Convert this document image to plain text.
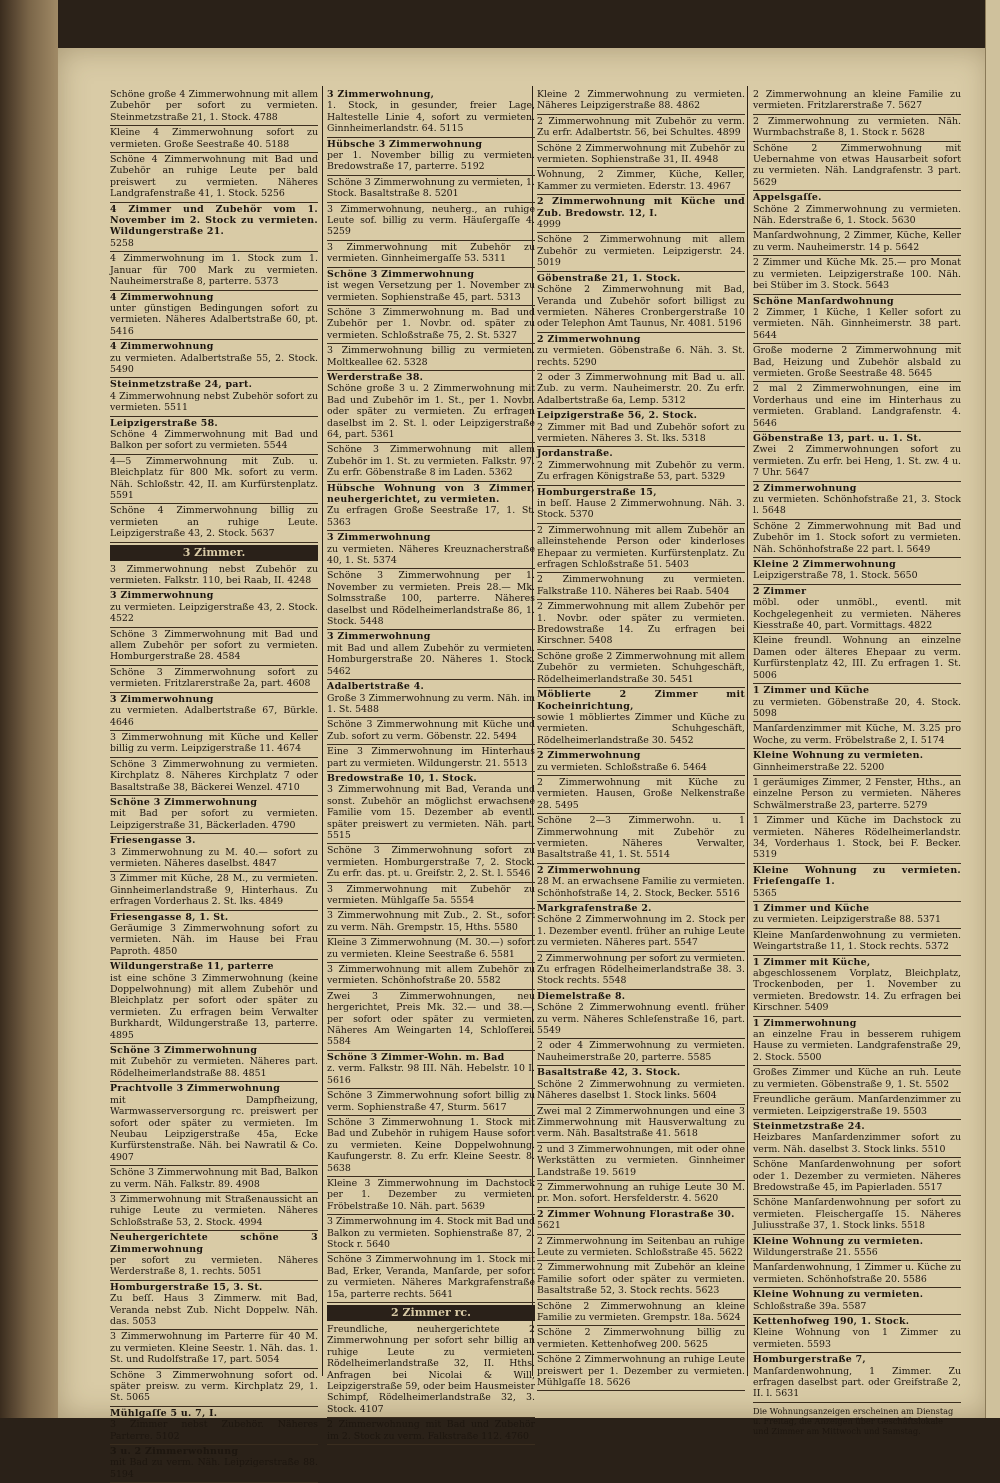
Schöne große 4 Zimmerwohnung mit allem Zubehör per sofort zu vermieten. Steinmetzstraße 21, 1. Stock. 4788
Kleine 4 Zimmerwohnung sofort zu vermieten. Große Seestraße 40. 5188
Schöne 4 Zimmerwohnung mit Bad und Zubehör an ruhige Leute per bald preiswert zu vermieten. Näheres Landgrafenstraße 41, 1. Stock. 5256
4 Zimmer und Zubehör vom 1. November im 2. Stock zu vermieten. Wildungerstraße 21.
5258
4 Zimmerwohnung im 1. Stock zum 1. Januar für 700 Mark zu vermieten. Nauheimerstraße 8, parterre. 5373
4 Zimmerwohnung
unter günstigen Bedingungen sofort zu vermieten. Näheres Adalbertstraße 60, pt. 5416
4 Zimmerwohnung
zu vermieten. Adalbertstraße 55, 2. Stock. 5490
Steinmetzstraße 24, part.
4 Zimmerwohnung nebst Zubehör sofort zu vermieten. 5511
Leipzigerstraße 58.
Schöne 4 Zimmerwohnung mit Bad und Balkon per sofort zu vermieten. 5544
4—5 Zimmerwohnung mit Zub. u. Bleichplatz für 800 Mk. sofort zu verm. Näh. Schloßstr. 42, II. am Kurfürstenplatz. 5591
Schöne 4 Zimmerwohnung billig zu vermieten an ruhige Leute. Leipzigerstraße 43, 2. Stock. 5637
3 Zimmer.
3 Zimmerwohnung nebst Zubehör zu vermieten. Falkstr. 110, bei Raab, II. 4248
3 Zimmerwohnung
zu vermieten. Leipzigerstraße 43, 2. Stock. 4522
Schöne 3 Zimmerwohnung mit Bad und allem Zubehör per sofort zu vermieten. Homburgerstraße 28. 4584
Schöne 3 Zimmerwohnung sofort zu vermieten. Fritzlarerstraße 2a, part. 4608
3 Zimmerwohnung
zu vermieten. Adalbertstraße 67, Bürkle. 4646
3 Zimmerwohnung mit Küche und Keller billig zu verm. Leipzigerstraße 11. 4674
Schöne 3 Zimmerwohnung zu vermieten. Kirchplatz 8. Näheres Kirchplatz 7 oder Basaltstraße 38, Bäckerei Wenzel. 4710
Schöne 3 Zimmerwohnung
mit Bad per sofort zu vermieten. Leipzigerstraße 31, Bäckerladen. 4790
Friesengasse 3.
3 Zimmerwohnung zu M. 40.— sofort zu vermieten. Näheres daselbst. 4847
3 Zimmer mit Küche, 28 M., zu vermieten. Ginnheimerlandstraße 9, Hinterhaus. Zu erfragen Vorderhaus 2. St. lks. 4849
Friesengasse 8, 1. St.
Geräumige 3 Zimmerwohnung sofort zu vermieten. Näh. im Hause bei Frau Paproth. 4850
Wildungerstraße 11, parterre
ist eine schöne 3 Zimmerwohnung (keine Doppelwohnung) mit allem Zubehör und Bleichplatz per sofort oder später zu vermieten. Zu erfragen beim Verwalter Burkhardt, Wildungerstraße 13, parterre. 4895
Schöne 3 Zimmerwohnung
mit Zubehör zu vermieten. Näheres part. Rödelheimerlandstraße 88. 4851
Prachtvolle 3 Zimmerwohnung
mit Dampfheizung, Warmwasserversorgung rc. preiswert per sofort oder später zu vermieten. Im Neubau Leipzigerstraße 45a, Ecke Kurfürstenstraße. Näh. bei Nawratil & Co. 4907
Schöne 3 Zimmerwohnung mit Bad, Balkon zu verm. Näh. Falkstr. 89. 4908
3 Zimmerwohnung mit Straßenaussicht an ruhige Leute zu vermieten. Näheres Schloßstraße 53, 2. Stock. 4994
Neuhergerichtete schöne 3 Zimmerwohnung
per sofort zu vermieten. Näheres Werderstraße 8, 1. rechts. 5051
Homburgerstraße 15, 3. St.
Zu beſſ. Haus 3 Zimmerw. mit Bad, Veranda nebst Zub. Nicht Doppelw. Näh. das. 5053
3 Zimmerwohnung im Parterre für 40 M. zu vermieten. Kleine Seestr. 1. Näh. das. 1. St. und Rudolfstraße 17, part. 5054
Schöne 3 Zimmerwohnung sofort od. später preisw. zu verm. Kirchplatz 29, 1. St. 5065
Mühlgaſſe 5 u. 7, I.
3 Zimmer nebst Zubehör. Näheres Parterre. 5102
3 u. 2 Zimmerwohnung
mit Bad zu verm. Näh. Leipzigerstraße 88. 5194
3 Zimmerwohnung,
1. Stock, in gesunder, freier Lage, Haltestelle Linie 4, sofort zu vermieten. Ginnheimerlandstr. 64. 5115
Hübsche 3 Zimmerwohnung
per 1. November billig zu vermieten. Bredowstraße 17, parterre. 5192
Schöne 3 Zimmerwohnung zu vermieten, 1. Stock. Basaltstraße 8. 5201
3 Zimmerwohnung, neuherg., an ruhige Leute sof. billig zu verm. Häuſergaſſe 4. 5259
3 Zimmerwohnung mit Zubehör zu vermieten. Ginnheimergaſſe 53. 5311
Schöne 3 Zimmerwohnung
ist wegen Versetzung per 1. November zu vermieten. Sophienstraße 45, part. 5313
Schöne 3 Zimmerwohnung m. Bad und Zubehör per 1. Novbr. od. später zu vermieten. Schloßstraße 75, 2. St. 5327
3 Zimmerwohnung billig zu vermieten. Moltkeallee 62. 5328
Werderstraße 38.
Schöne große 3 u. 2 Zimmerwohnung mit Bad und Zubehör im 1. St., per 1. Novbr. oder später zu vermieten. Zu erfragen daselbst im 2. St. l. oder Leipzigerstraße 64, part. 5361
Schöne 3 Zimmerwohnung mit allem Zubehör im 1. St. zu vermieten. Falkstr. 97. Zu erfr. Göbenstraße 8 im Laden. 5362
Hübsche Wohnung von 3 Zimmer, neuhergerichtet, zu vermieten.
Zu erfragen Große Seestraße 17, 1. St. 5363
3 Zimmerwohnung
zu vermieten. Näheres Kreuznacherstraße 40, 1. St. 5374
Schöne 3 Zimmerwohnung per 1. November zu vermieten. Preis 28.— Mk. Solmsstraße 100, parterre. Näheres daselbst und Rödelheimerlandstraße 86, 1. Stock. 5448
3 Zimmerwohnung
mit Bad und allem Zubehör zu vermieten. Homburgerstraße 20. Näheres 1. Stock. 5462
Adalbertstraße 4.
Große 3 Zimmerwohnung zu verm. Näh. im 1. St. 5488
Schöne 3 Zimmerwohnung mit Küche und Zub. sofort zu verm. Göbenstr. 22. 5494
Eine 3 Zimmerwohnung im Hinterhaus part zu vermieten. Wildungerstr. 21. 5513
Bredowstraße 10, 1. Stock.
3 Zimmerwohnung mit Bad, Veranda und sonst. Zubehör an möglichst erwachsene Familie vom 15. Dezember ab eventl. später preiswert zu vermieten. Näh. part. 5515
Schöne 3 Zimmerwohnung sofort zu vermieten. Homburgerstraße 7, 2. Stock. Zu erfr. das. pt. u. Greifstr. 2, 2. St. l. 5546
3 Zimmerwohnung mit Zubehör zu vermieten. Mühlgaſſe 5a. 5554
3 Zimmerwohnung mit Zub., 2. St., sofort zu verm. Näh. Grempstr. 15, Hths. 5580
Kleine 3 Zimmerwohnung (M. 30.—) sofort zu vermieten. Kleine Seestraße 6. 5581
3 Zimmerwohnung mit allem Zubehör zu vermieten. Schönhofstraße 20. 5582
Zwei 3 Zimmerwohnungen, neu hergerichtet, Preis Mk. 32.— und 38.—, per sofort oder später zu vermieten. Näheres Am Weingarten 14, Schloſſerei. 5584
Schöne 3 Zimmer-Wohn. m. Bad
z. verm. Falkstr. 98 III. Näh. Hebelstr. 10 I. 5616
Schöne 3 Zimmerwohnung sofort billig zu verm. Sophienstraße 47, Sturm. 5617
Schöne 3 Zimmerwohnung 1. Stock mit Bad und Zubehör in ruhigem Hause sofort zu vermieten. Keine Doppelwohnung. Kaufungerstr. 8. Zu erfr. Kleine Seestr. 8. 5638
Kleine 3 Zimmerwohnung im Dachstock per 1. Dezember zu vermieten. Fröbelstraße 10. Näh. part. 5639
3 Zimmerwohnung im 4. Stock mit Bad und Balkon zu vermieten. Sophienstraße 87, 2. Stock r. 5640
Schöne 3 Zimmerwohnung im 1. Stock mit Bad, Erker, Veranda, Manſarde, per sofort zu vermieten. Näheres Markgrafenstraße 15a, parterre rechts. 5641
2 Zimmer rc.
Freundliche, neuhergerichtete 2 Zimmerwohnung per sofort sehr billig an ruhige Leute zu vermieten. Rödelheimerlandstraße 32, II. Hths. Anfragen bei Nicolai & Will, Leipzigerstraße 59, oder beim Hausmeister Schimpf, Rödelheimerlandstraße 32, 3. Stock. 4107
2 Zimmerwohnung mit Bad und Zubehör im 2. Stock zu verm. Falkstraße 112. 4760
Kleine 2 Zimmerwohnung zu vermieten. Näheres Leipzigerstraße 88. 4862
2 Zimmerwohnung mit Zubehör zu verm. Zu erfr. Adalbertstr. 56, bei Schultes. 4899
Schöne 2 Zimmerwohnung mit Zubehör zu vermieten. Sophienstraße 31, II. 4948
Wohnung, 2 Zimmer, Küche, Keller, Kammer zu vermieten. Ederstr. 13. 4967
2 Zimmerwohnung mit Küche und Zub. Bredowstr. 12, I.
4999
Schöne 2 Zimmerwohnung mit allem Zubehör zu vermieten. Leipzigerstr. 24. 5019
Göbenstraße 21, 1. Stock.
Schöne 2 Zimmerwohnung mit Bad, Veranda und Zubehör sofort billigst zu vermieten. Näheres Cronbergerstraße 10 oder Telephon Amt Taunus, Nr. 4081. 5196
2 Zimmerwohnung
zu vermieten. Göbenstraße 6. Näh. 3. St. rechts. 5290
2 oder 3 Zimmerwohnung mit Bad u. all. Zub. zu verm. Nauheimerstr. 20. Zu erfr. Adalbertstraße 6a, Lemp. 5312
Leipzigerstraße 56, 2. Stock.
2 Zimmer mit Bad und Zubehör sofort zu vermieten. Näheres 3. St. lks. 5318
Jordanstraße.
2 Zimmerwohnung mit Zubehör zu verm. Zu erfragen Königstraße 53, part. 5329
Homburgerstraße 15,
in beſſ. Hause 2 Zimmerwohnung. Näh. 3. Stock. 5370
2 Zimmerwohnung mit allem Zubehör an alleinstehende Person oder kinderloses Ehepaar zu vermieten. Kurfürstenplatz. Zu erfragen Schloßstraße 51. 5403
2 Zimmerwohnung zu vermieten. Falkstraße 110. Näheres bei Raab. 5404
2 Zimmerwohnung mit allem Zubehör per 1. Novbr. oder später zu vermieten. Bredowstraße 14. Zu erfragen bei Kirschner. 5408
Schöne große 2 Zimmerwohnung mit allem Zubehör zu vermieten. Schuhgeschäft, Rödelheimerlandstraße 30. 5451
Möblierte 2 Zimmer mit Kocheinrichtung,
sowie 1 möbliertes Zimmer und Küche zu vermieten. Schuhgeschäft, Rödelheimerlandstraße 30. 5452
2 Zimmerwohnung
zu vermieten. Schloßstraße 6. 5464
2 Zimmerwohnung mit Küche zu vermieten. Hausen, Große Nelkenstraße 28. 5495
Schöne 2—3 Zimmerwohn. u. 1 Zimmerwohnung mit Zubehör zu vermieten. Näheres Verwalter, Basaltstraße 41, 1. St. 5514
2 Zimmerwohnung
28 M. an erwachsene Familie zu vermieten. Schönhofstraße 14, 2. Stock, Becker. 5516
Markgrafenstraße 2.
Schöne 2 Zimmerwohnung im 2. Stock per 1. Dezember eventl. früher an ruhige Leute zu vermieten. Näheres part. 5547
2 Zimmerwohnung per sofort zu vermieten. Zu erfragen Rödelheimerlandstraße 38. 3. Stock rechts. 5548
Diemelstraße 8.
Schöne 2 Zimmerwohnung eventl. früher zu verm. Näheres Schleſenstraße 16, part. 5549
2 oder 4 Zimmerwohnung zu vermieten. Nauheimerstraße 20, parterre. 5585
Basaltstraße 42, 3. Stock.
Schöne 2 Zimmerwohnung zu vermieten. Näheres daselbst 1. Stock links. 5604
Zwei mal 2 Zimmerwohnungen und eine 3 Zimmerwohnung mit Hausverwaltung zu verm. Näh. Basaltstraße 41. 5618
2 und 3 Zimmerwohnungen, mit oder ohne Werkstätten zu vermieten. Ginnheimer Landstraße 19. 5619
2 Zimmerwohnung an ruhige Leute 30 M. pr. Mon. sofort. Hersfelderstr. 4. 5620
2 Zimmer Wohnung Florastraße 30.
5621
2 Zimmerwohnung im Seitenbau an ruhige Leute zu vermieten. Schloßstraße 45. 5622
2 Zimmerwohnung mit Zubehör an kleine Familie sofort oder später zu vermieten. Basaltstraße 52, 3. Stock rechts. 5623
Schöne 2 Zimmerwohnung an kleine Familie zu vermieten. Grempstr. 18a. 5624
Schöne 2 Zimmerwohnung billig zu vermieten. Kettenhofweg 200. 5625
Schöne 2 Zimmerwohnung an ruhige Leute preiswert per 1. Dezember zu vermieten. Mühlgaſſe 18. 5626
2 Zimmerwohnung an kleine Familie zu vermieten. Fritzlarerstraße 7. 5627
2 Zimmerwohnung zu vermieten. Näh. Wurmbachstraße 8, 1. Stock r. 5628
Schöne 2 Zimmerwohnung mit Uebernahme von etwas Hausarbeit sofort zu vermieten. Näh. Landgrafenstr. 3 part. 5629
Appelsgaſſe.
Schöne 2 Zimmerwohnung zu vermieten. Näh. Ederstraße 6, 1. Stock. 5630
Manſardwohnung, 2 Zimmer, Küche, Keller zu verm. Nauheimerstr. 14 p. 5642
2 Zimmer und Küche Mk. 25.— pro Monat zu vermieten. Leipzigerstraße 100. Näh. bei Stüber im 3. Stock. 5643
Schöne Manſardwohnung
2 Zimmer, 1 Küche, 1 Keller sofort zu vermieten. Näh. Ginnheimerstr. 38 part. 5644
Große moderne 2 Zimmerwohnung mit Bad, Heizung und Zubehör alsbald zu vermieten. Große Seestraße 48. 5645
2 mal 2 Zimmerwohnungen, eine im Vorderhaus und eine im Hinterhaus zu vermieten. Grabland. Landgrafenstr. 4. 5646
Göbenstraße 13, part. u. 1. St.
Zwei 2 Zimmerwohnungen sofort zu vermieten. Zu erfr. bei Heng, 1. St. zw. 4 u. 7 Uhr. 5647
2 Zimmerwohnung
zu vermieten. Schönhofstraße 21, 3. Stock l. 5648
Schöne 2 Zimmerwohnung mit Bad und Zubehör im 1. Stock sofort zu vermieten. Näh. Schönhofstraße 22 part. l. 5649
Kleine 2 Zimmerwohnung
Leipzigerstraße 78, 1. Stock. 5650
2 Zimmer
möbl. oder unmöbl., eventl. mit Kochgelegenheit zu vermieten. Näheres Kiesstraße 40, part. Vormittags. 4822
Kleine freundl. Wohnung an einzelne Damen oder älteres Ehepaar zu verm. Kurfürstenplatz 42, III. Zu erfragen 1. St. 5006
1 Zimmer und Küche
zu vermieten. Göbenstraße 20, 4. Stock. 5098
Manſardenzimmer mit Küche, M. 3.25 pro Woche, zu verm. Fröbelstraße 2, I. 5174
Kleine Wohnung zu vermieten.
Ginnheimerstraße 22. 5200
1 geräumiges Zimmer, 2 Fenster, Hths., an einzelne Person zu vermieten. Näheres Schwälmerstraße 23, parterre. 5279
1 Zimmer und Küche im Dachstock zu vermieten. Näheres Rödelheimerlandstr. 34, Vorderhaus 1. Stock, bei F. Becker. 5319
Kleine Wohnung zu vermieten. Frieſengaſſe 1.
5365
1 Zimmer und Küche
zu vermieten. Leipzigerstraße 88. 5371
Kleine Manſardenwohnung zu vermieten. Weingartstraße 11, 1. Stock rechts. 5372
1 Zimmer mit Küche,
abgeschlossenem Vorplatz, Bleichplatz, Trockenboden, per 1. November zu vermieten. Bredowstr. 14. Zu erfragen bei Kirschner. 5409
1 Zimmerwohnung
an einzelne Frau in besserem ruhigem Hause zu vermieten. Landgrafenstraße 29, 2. Stock. 5500
Großes Zimmer und Küche an ruh. Leute zu vermieten. Göbenstraße 9, 1. St. 5502
Freundliche geräum. Manſardenzimmer zu vermieten. Leipzigerstraße 19. 5503
Steinmetzstraße 24.
Heizbares Manſardenzimmer sofort zu verm. Näh. daselbst 3. Stock links. 5510
Schöne Manſardenwohnung per sofort oder 1. Dezember zu vermieten. Näheres Bredowstraße 45, im Papierladen. 5517
Schöne Manſardenwohnung per sofort zu vermieten. Fleischergaſſe 15. Näheres Juliusstraße 37, 1. Stock links. 5518
Kleine Wohnung zu vermieten.
Wildungerstraße 21. 5556
Manſardenwohnung, 1 Zimmer u. Küche zu vermieten. Schönhofstraße 20. 5586
Kleine Wohnung zu vermieten.
Schloßstraße 39a. 5587
Kettenhofweg 190, 1. Stock.
Kleine Wohnung von 1 Zimmer zu vermieten. 5593
Homburgerstraße 7,
Manſardenwohnung, 1 Zimmer. Zu erfragen daselbst part. oder Greifstraße 2, II. l. 5631
Die Wohnungsanzeigen erscheinen am Dienstag u. Freitag, die Anzeigen über Geschäftslokale und Zimmer am Mittwoch und Samstag.
